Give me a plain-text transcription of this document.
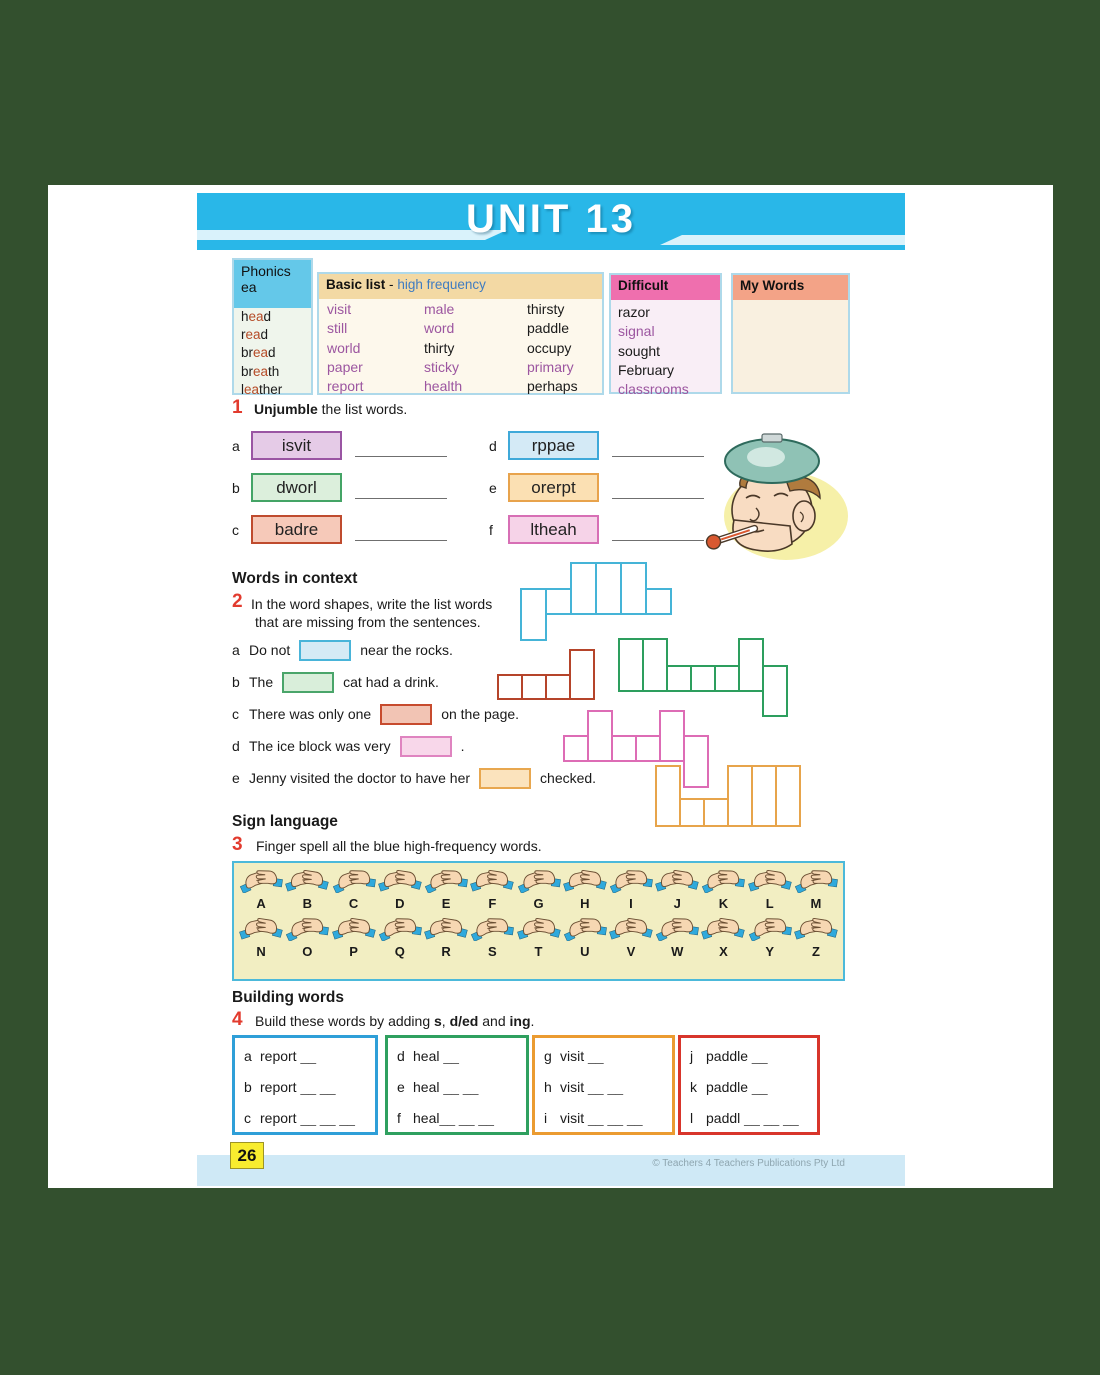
UNIT 13
Phonics
ea
head
read
bread
breath
leather
Basic list - high frequency
visit
still
world
paper
report
male
word
thirty
sticky
health
thirsty
paddle
occupy
primary
perhaps
Difficult
razor
signal
sought
February
classrooms
My Words
1 Unjumble the list words.
a	isvit
b	dworl
c	badre
d	rppae
e	orerpt
f	ltheah
Words in context
2 In the word shapes, write the list words
that are missing from the sentences.
a Do not	near the rocks.
b The	cat had a drink.
c There was only one	on the page.
d The ice block was very	.
e Jenny visited the doctor to have her	checked.
Sign language
3 Finger spell all the blue high-frequency words.
A	B	C	D	E	F	G	H	I	J	K	L	M
N	O	P	Q	R	S	T	U	V	W	X	Y	Z
Building words
4 Build these words by adding s, d/ed and ing.
a report __
b report __ __
c report __ __ __
d heal __
e heal __ __
f heal __ __ __
g visit __
h visit __ __
i visit __ __ __
j paddle __
k paddle __
l paddl __ __ __
26	© Teachers 4 Teachers Publications Pty Ltd
